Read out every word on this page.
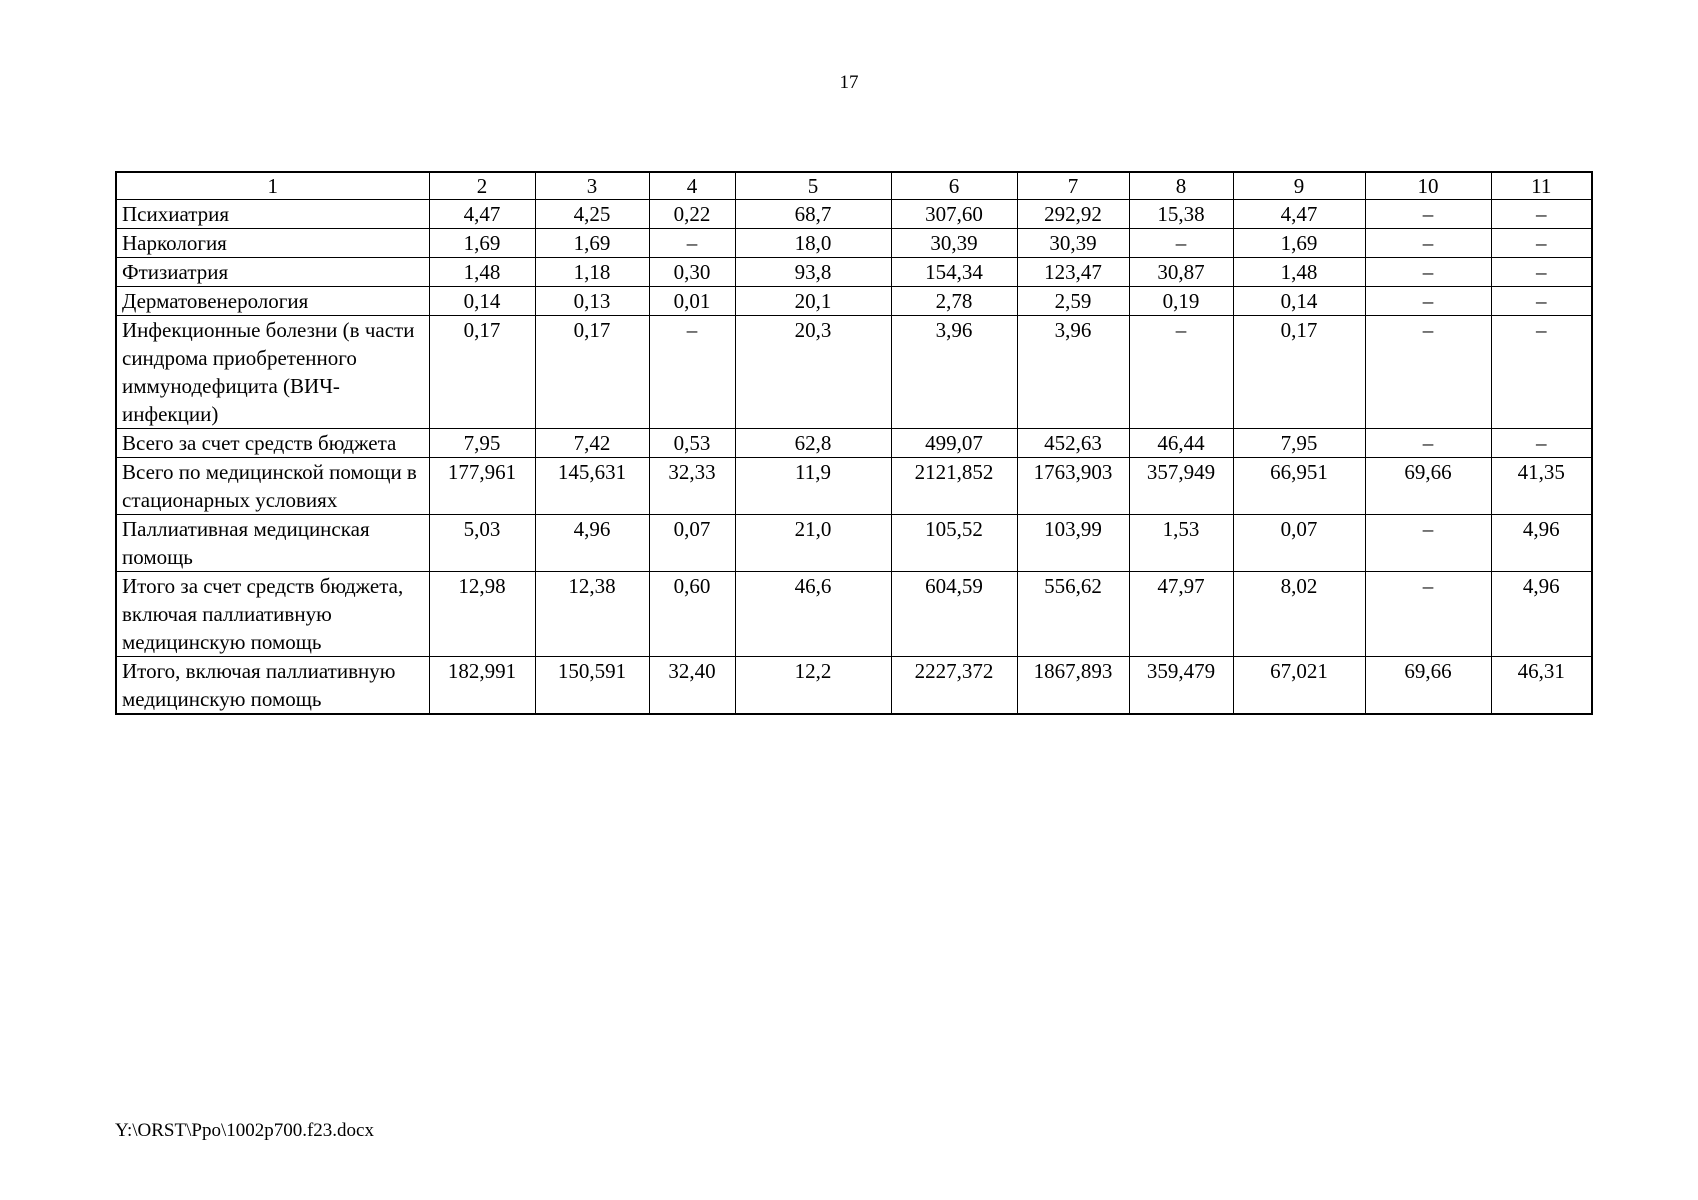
17
1	2	3	4	5	6	7	8	9	10	11
Психиатрия	4,47	4,25	0,22	68,7	307,60	292,92	15,38	4,47	–	–
Наркология	1,69	1,69	–	18,0	30,39	30,39	–	1,69	–	–
Фтизиатрия	1,48	1,18	0,30	93,8	154,34	123,47	30,87	1,48	–	–
Дерматовенерология	0,14	0,13	0,01	20,1	2,78	2,59	0,19	0,14	–	–
Инфекционные болезни (в части синдрома приобретенного иммунодефицита (ВИЧ-инфекции)	0,17	0,17	–	20,3	3,96	3,96	–	0,17	–	–
Всего за счет средств бюджета	7,95	7,42	0,53	62,8	499,07	452,63	46,44	7,95	–	–
Всего по медицинской помощи в стационарных условиях	177,961	145,631	32,33	11,9	2121,852	1763,903	357,949	66,951	69,66	41,35
Паллиативная медицинская помощь	5,03	4,96	0,07	21,0	105,52	103,99	1,53	0,07	–	4,96
Итого за счет средств бюджета, включая паллиативную медицинскую помощь	12,98	12,38	0,60	46,6	604,59	556,62	47,97	8,02	–	4,96
Итого, включая паллиативную медицинскую помощь	182,991	150,591	32,40	12,2	2227,372	1867,893	359,479	67,021	69,66	46,31
Y:\ORST\Ppo\1002p700.f23.docx
